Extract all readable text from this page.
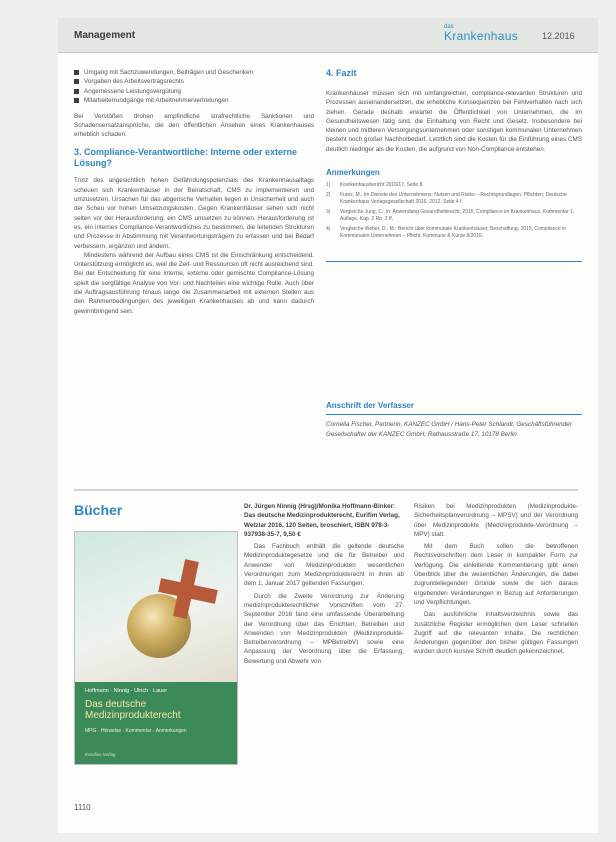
Management
das
Krankenhaus	12.2016
Umgang mit Sachzuwendungen, Beiträgen und Geschenken
Vorgaben des Arbeitsvertragsrechts
Angemessene Leistungsvergütung
Mitarbeiterrundgänge mit Arbeitnehmervertretungen

Bei Verstößen drohen empfindliche strafrechtliche Sanktionen und Schadensersatzansprüche, die den öffentlichen Ansehen eines Krankenhauses erheblich schaden.

3. Compliance-Verantwortliche: Interne oder externe Lösung?

Trotz des angesichtlich hohen Gefährdungspotenzials des Krankenhausalltags scheuen sich Krankenhäuser in der Beiratschaft, CMS zu implementieren und umzusetzen. Ursachen für das abgerische Verhalten liegen in Unsicherheit und auch der Scheu vor hohen Umsetzungskosten. Gegen Krankenhäuser sehen sich nicht selten vor der Herausforderung, ein CMS umsetzen zu können. Herausforderung ist es, ein internes Compliance-Verantwortliches zu bestimmen, die leitenden Strukturen und Prozesse in Abstimmung mit Verantwortungsträgern zu erfassen und bei Bedarf verbessern, ergänzen und ändern.

Mindestens während der Aufbau eines CMS ist die Einschränkung entscheidend. Unterstützung ermöglicht es, weil die Zeit- und Ressourcen oft nicht ausreichend sind. Bei der Entscheidung für eine interne, externe oder gemischte Compliance-Lösung spielt die sorgfältige Analyse von Vor- und Nachteilen eine wichtige Rolle. Auch über die Auftragsausführung hinaus lange die Zusammenarbeit mit externen Stellen aus den Rahmenbedingungen des jeweiligen Krankenhauses ab und kann dadurch gewinnbringend sein.

4. Fazit

Krankenhäuser müssen sich mit umfangreichen, compliance-relevanten Strukturen und Prozessen auseinandersetzen, die erhebliche Konsequenzen bei Fehlverhalten nach sich ziehen. Gerade deshalb erwartet die Öffentlichkeit von Unternehmen, die im Gesundheitswesen tätig sind, die Einhaltung von Recht und Gesetz. Insbesondere bei kleinen und mittleren Versorgungsunternehmen oder sonstigen kommunalen Unternehmen besteht noch großer Nachholbedarf. Letztlich sind die Kosten für die Einführung eines CMS deutlich niedriger als die Kosten, die aufgrund von Non-Compliance entstehen.

Anmerkungen
1) Krankenhausbericht 2016/17, Seite 8.
2) Franz, M.: Im Dienste des Unternehmens; Nutzen und Risiko – Rechtsgrundlagen, Pflichten; Deutsche Krankenhaus Verlagsgesellschaft 2016, 2012, Seite 4 f.
3) Vergleiche Jung, C., in: Anwendung Gesundheitsrecht, 2016, Compliance im Krankenhaus, Kommentar 1. Auflage, Kap. 2 Rn. 2 ff.
4) Vergleiche Weber, D., M.: Bericht über kommunale Krankenhäuser, Beschaffung, 2015, Compliance in Kommunalen Unternehmen – Pflicht, Kommune & Kürze 8/2016.
Anschrift der Verfasser

Cornelia Fischer, Partnerin, KANZEC GmbH / Hans-Peter Schlandt, Geschäftsführender Gesellschafter der KANZEC GmbH, Rathausstraße 17, 10178 Berlin

Bücher
Hoffmann · Ninnig · Ulrich · Lauer
Das deutsche Medizinprodukterecht
MPG · Hinweise · Kommentar · Anmerkungen
Eurofins Verlag

Dr. Jürgen Ninnig (Hrsg)/Monika Hoffmann-Binker: Das deutsche Medizinprodukterecht, Eurifim Verlag, Wetzlar 2016, 120 Seiten, broschiert, ISBN 978-3-937938-35-7, 9,50 €

Das Fachbuch enthält die geltende deutsche Medizinproduktegesetze und die für Betreiber und Anwender von Medizinprodukten wesentlichen Verordnungen zum Medizinprodukterecht in ihren ab dem 1. Januar 2017 geltenden Fassungen.

Durch die Zweite Verordnung zur Änderung medizinprodukterechtlicher Vorschriften vom 27. September 2016 fand eine umfassende Überarbeitung der Verordnung über das Errichten, Betreiben und Anwenden von Medizinprodukten (Medizinprodukte-Betreiberverordnung – MPBetreibV) sowie eine Anpassung der Verordnung über die Erfassung, Bewertung und Abwehr von

Risiken bei Medizinprodukten (Medizinprodukte-Sicherheitsplanverordnung – MPSV) und der Verordnung über Medizinprodukte (Medizinprodukte-Verordnung – MPV) statt.

Mit dem Buch sollen die betroffenen Rechtsvorschriften dem Leser in kompakter Form zur Verfügung. Die einleitende Kommentierung gibt einen Überblick über die wesentlichen Änderungen, die dabei zugrundeliegenden Gründe sowie die sich daraus ergebenden Veränderungen in Bezug auf Anforderungen und Verpflichtungen.

Das ausführliche Inhaltsverzeichnis sowie das zusätzliche Register ermöglichen dem Leser schnellen Zugriff auf die relevanten Inhalte. Die rechtlichen Änderungen gegenüber den bisher gültigen Fassungen wurden durch kursive Schrift deutlich gekennzeichnet.

1110
